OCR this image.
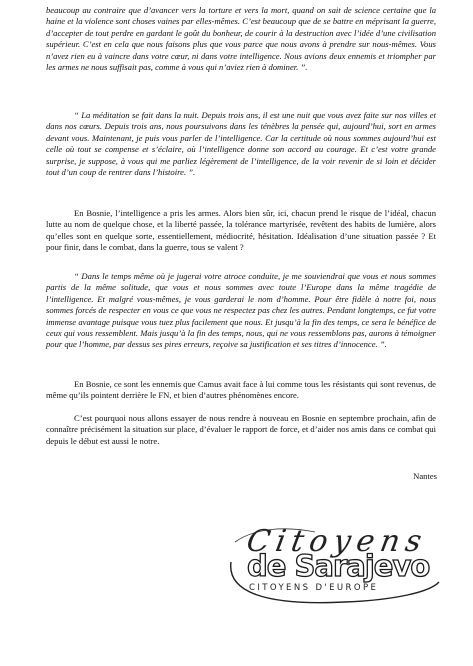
beaucoup au contraire que d’avancer vers la torture et vers la mort, quand on sait de science certaine que la haine et la violence sont choses vaines par elles-mêmes. C’est beaucoup que de se battre en méprisant la guerre, d’accepter de tout perdre en gardant le goût du bonheur, de courir à la destruction avec l’idée d’une civilisation supérieur. C’est en cela que nous faisons plus que vous parce que nous avons à prendre sur nous-mêmes. Vous n’avez rien eu à vaincre dans votre cœur, ni dans votre intelligence. Nous avions deux ennemis et triompher par les armes ne nous suffisait pas, comme à vous qui n’aviez rien à dominer. ”.

“ La méditation se fait dans la nuit. Depuis trois ans, il est une nuit que vous avez faite sur nos villes et dans nos cœurs. Depuis trois ans, nous poursuivons dans les ténèbres la pensée qui, aujourd’hui, sort en armes devant vous. Maintenant, je puis vous parler de l’intelligence. Car la certitude où nous sommes aujourd’hui est celle où tout se compense et s’éclaire, où l’intelligence donne son accord au courage. Et c’est votre grande surprise, je suppose, à vous qui me parliez légèrement de l’intelligence, de la voir revenir de si loin et décider tout d’un coup de rentrer dans l’histoire. ”.

En Bosnie, l’intelligence a pris les armes. Alors bien sûr, ici, chacun prend le risque de l’idéal, chacun lutte au nom de quelque chose, et la liberté passée, la tolérance martyrisée, revêtent des habits de lumière, alors qu’elles sont en quelque sorte, essentiellement, médiocrité, hésitation. Idéalisation d’une situation passée ? Et pour finir, dans le combat, dans la guerre, tous se valent ?

“ Dans le temps même où je jugerai votre atroce conduite, je me souviendrai que vous et nous sommes partis de la même solitude, que vous et nous sommes avec toute l’Europe dans la même tragédie de l’intelligence. Et malgré vous-mêmes, je vous garderai le nom d’homme. Pour être fidèle à notre foi, nous sommes forcés de respecter en vous ce que vous ne respectez pas chez les autres. Pendant longtemps, ce fut votre immense avantage puisque vous tuez plus facilement que nous. Et jusqu’à la fin des temps, ce sera le bénéfice de ceux qui vous ressemblent. Mais jusqu’à la fin des temps, nous, qui ne vous ressemblons pas, aurons à témoigner pour que l’homme, par dessus ses pires erreurs, reçoive sa justification et ses titres d’innocence. ”.

En Bosnie, ce sont les ennemis que Camus avait face à lui comme tous les résistants qui sont revenus, de même qu’ils pointent derrière le FN, et bien d’autres phénomènes encore.

C’est pourquoi nous allons essayer de nous rendre à nouveau en Bosnie en septembre prochain, afin de connaître précisément la situation sur place, d’évaluer le rapport de force, et d’aider nos amis dans ce combat qui depuis le début est aussi le notre.

Nantes

Citoyens
de Sarajevo
CITOYENS D'EUROPE
